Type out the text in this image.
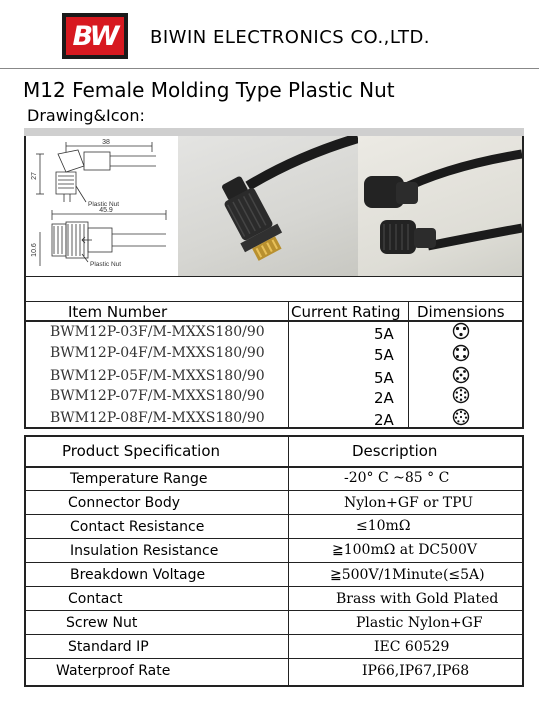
BW BIWIN ELECTRONICS CO.,LTD.
M12 Female Molding Type Plastic Nut
Drawing&Icon:
38
27
45.9
10.6
Plastic Nut
Plastic Nut
Item Number	Current Rating Dimensions
BWM12P-03F/M-MXXS180/90	5A
BWM12P-04F/M-MXXS180/90	5A
BWM12P-05F/M-MXXS180/90	5A
BWM12P-07F/M-MXXS180/90	2A
BWM12P-08F/M-MXXS180/90	2A
Product Specification	Description
Temperature Range	-20° C ~85 ° C
Connector Body	Nylon+GF or TPU
Contact Resistance	≤10mΩ
Insulation Resistance	≧100mΩ at DC500V
Breakdown Voltage	≧500V/1Minute(≤5A)
Contact	Brass with Gold Plated
Screw Nut	Plastic Nylon+GF
Standard IP	IEC 60529
Waterproof Rate	IP66,IP67,IP68
